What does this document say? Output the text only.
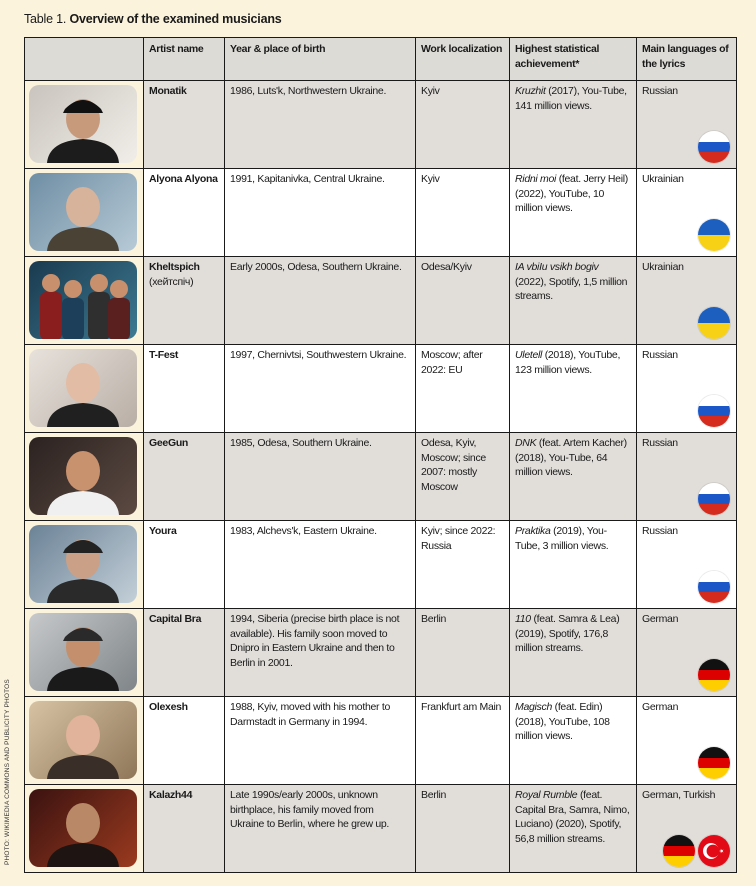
Table 1. Overview of the examined musicians
PHOTO: WIKIMEDIA COMMONS AND PUBLICITY PHOTOS
	Artist name	Year & place of birth	Work localization	Highest statistical achievement*	Main languages of the lyrics

	Monatik	1986, Luts'k, Northwestern Ukraine.	Kyiv	Kruzhit (2017), You-Tube, 141 million views.	Russian

	Alyona Alyona	1991, Kapitanivka, Central Ukraine.	Kyiv	Ridni moi (feat. Jerry Heil) (2022), YouTube, 10 million views.	Ukrainian

	Kheltspich
(хейтспіч)	Early 2000s, Odesa, Southern Ukraine.	Odesa/Kyiv	IA vbiIu vsikh bogiv (2022), Spotify, 1,5 million streams.	Ukrainian

	T-Fest	1997, Chernivtsi, Southwestern Ukraine.	Moscow; after 2022: EU	Uletell (2018), YouTube, 123 million views.	Russian

	GeeGun	1985, Odesa, Southern Ukraine.	Odesa, Kyiv, Moscow; since 2007: mostly Moscow	DNK (feat. Artem Kacher) (2018), You-Tube, 64 million views.	Russian

	Youra	1983, Alchevs'k, Eastern Ukraine.	Kyiv; since 2022: Russia	Praktika (2019), You-Tube, 3 million views.	Russian

	Capital Bra	1994, Siberia (precise birth place is not available). His family soon moved to Dnipro in Eastern Ukraine and then to Berlin in 2001.	Berlin	110 (feat. Samra & Lea) (2019), Spotify, 176,8 million streams.	German

	Olexesh	1988, Kyiv, moved with his mother to Darmstadt in Germany in 1994.	Frankfurt am Main	Magisch (feat. Edin) (2018), YouTube, 108 million views.	German

	Kalazh44	Late 1990s/early 2000s, unknown birthplace, his family moved from Ukraine to Berlin, where he grew up.	Berlin	Royal Rumble (feat. Capital Bra, Samra, Nimo, Luciano) (2020), Spotify, 56,8 million streams.	German, Turkish
